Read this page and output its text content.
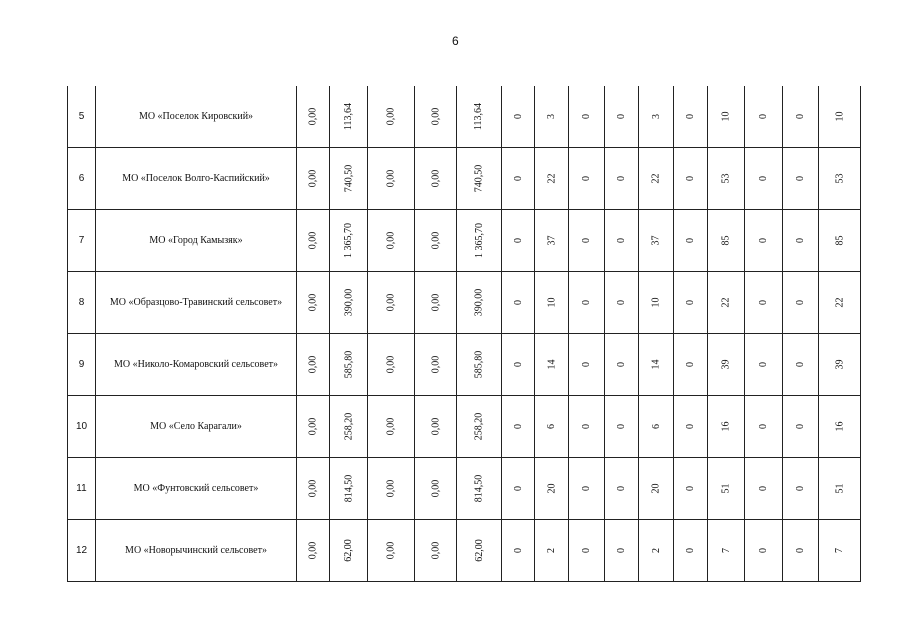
6
5	МО «Поселок Кировский»	0,00	113,64	0,00	0,00	113,64	0	3	0	0	3	0	10	0	0	10
6	МО «Поселок Волго-Каспийский»	0,00	740,50	0,00	0,00	740,50	0	22	0	0	22	0	53	0	0	53
7	МО «Город Камызяк»	0,00	1 365,70	0,00	0,00	1 365,70	0	37	0	0	37	0	85	0	0	85
8	МО «Образцово-Травинский сельсовет»	0,00	390,00	0,00	0,00	390,00	0	10	0	0	10	0	22	0	0	22
9	МО «Николо-Комаровский сельсовет»	0,00	585,80	0,00	0,00	585,80	0	14	0	0	14	0	39	0	0	39
10	МО «Село Карагали»	0,00	258,20	0,00	0,00	258,20	0	6	0	0	6	0	16	0	0	16
11	МО «Фунтовский сельсовет»	0,00	814,50	0,00	0,00	814,50	0	20	0	0	20	0	51	0	0	51
12	МО «Новорычинский сельсовет»	0,00	62,00	0,00	0,00	62,00	0	2	0	0	2	0	7	0	0	7
